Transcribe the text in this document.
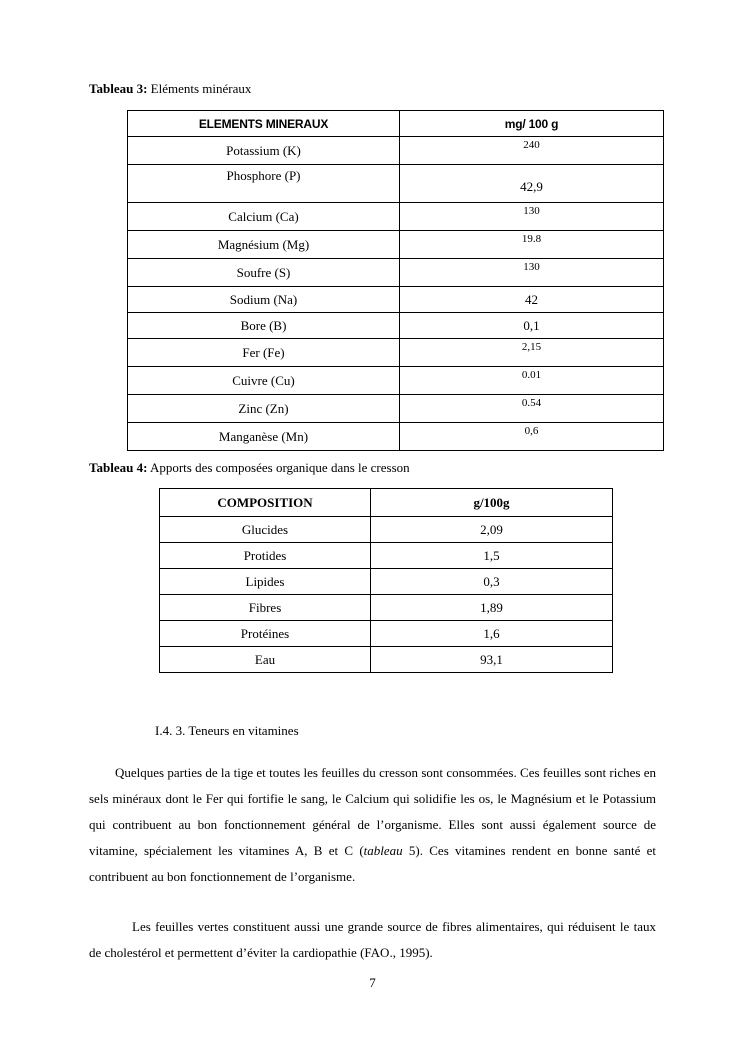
Tableau 3: Eléments minéraux
ELEMENTS MINERAUX	mg/ 100 g
Potassium (K)	240
Phosphore (P)	42,9
Calcium (Ca)	130
Magnésium (Mg)	19.8
Soufre (S)	130
Sodium (Na)	42
Bore (B)	0,1
Fer (Fe)	2,15
Cuivre (Cu)	0.01
Zinc (Zn)	0.54
Manganèse (Mn)	0,6
Tableau 4: Apports des composées organique dans le cresson
COMPOSITION	g/100g
Glucides	2,09
Protides	1,5
Lipides	0,3
Fibres	1,89
Protéines	1,6
Eau	93,1
I.4. 3. Teneurs en vitamines
Quelques parties de la tige et toutes les feuilles du cresson sont consommées. Ces feuilles sont riches en sels minéraux dont le Fer qui fortifie le sang, le Calcium qui solidifie les os, le Magnésium et le Potassium qui contribuent au bon fonctionnement général de l’organisme. Elles sont aussi également source de vitamine, spécialement les vitamines A, B et C (tableau 5). Ces vitamines rendent en bonne santé et contribuent au bon fonctionnement de l’organisme.
Les feuilles vertes constituent aussi une grande source de fibres alimentaires, qui réduisent le taux de cholestérol et permettent d’éviter la cardiopathie (FAO., 1995).
7
